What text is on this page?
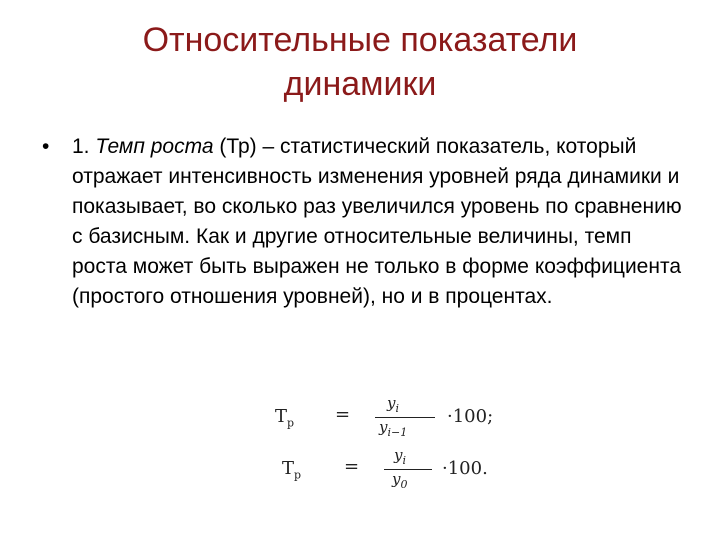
Относительные показатели
динамики
•	1. Темп роста (Тр) – статистический показатель, который отражает интенсивность изменения уровней ряда динамики и показывает, во сколько раз увеличился уровень по сравнению с базисным. Как и другие относительные величины, темп роста может быть выражен не только в форме коэффициента (простого отношения уровней), но и в процентах.
$T_p$ =
$y_i$
$y_{i-1}$
·100;
$T_p$ =
$y_i$
$y_0$
·100.
